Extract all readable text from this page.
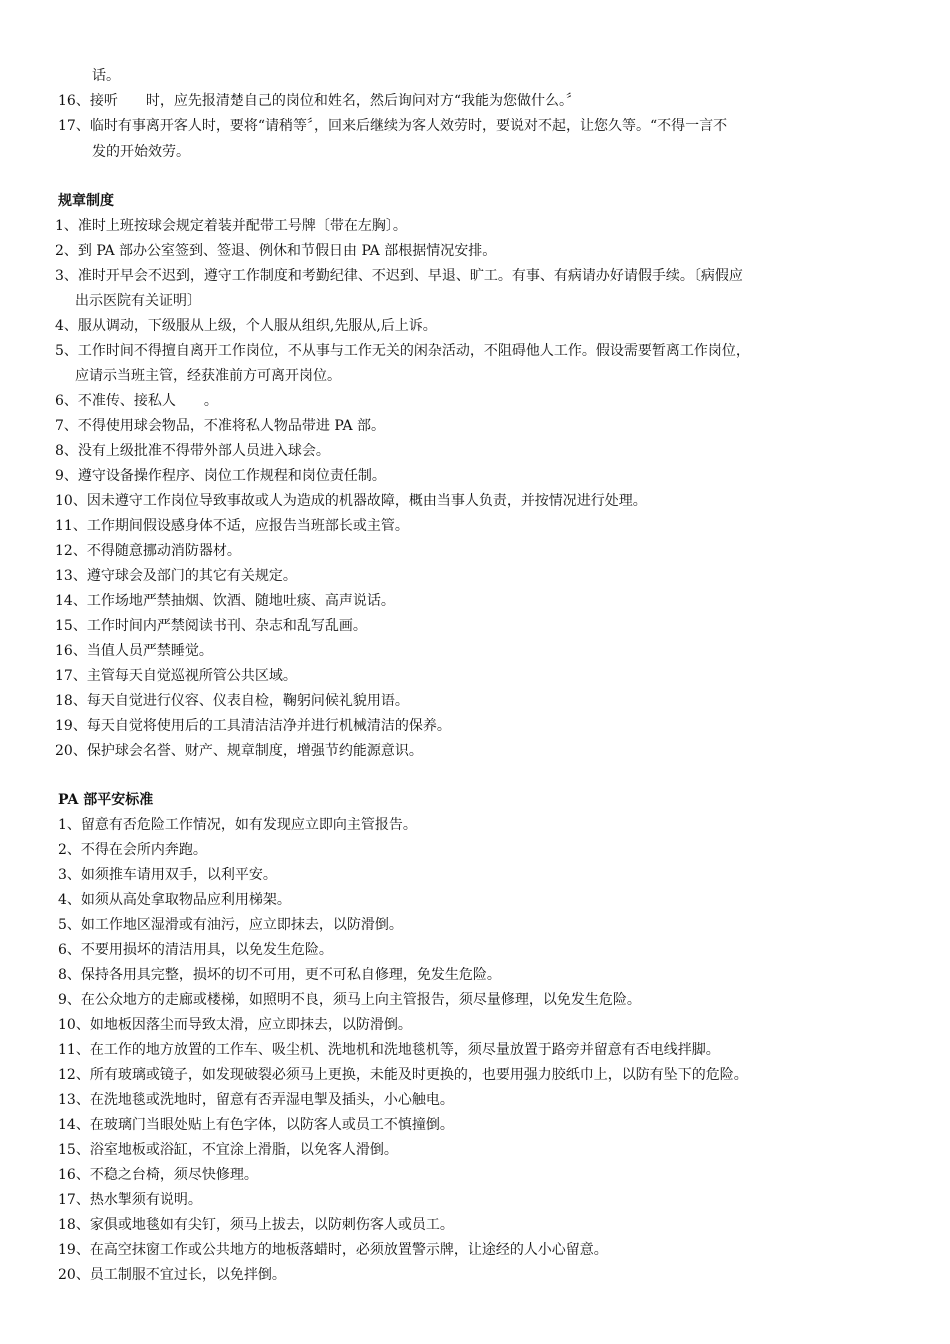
话。
16、接听　　时，应先报清楚自己的岗位和姓名，然后询问对方“我能为您做什么。〞
17、临时有事离开客人时，要将“请稍等〞，回来后继续为客人效劳时，要说对不起，让您久等。“不得一言不
发的开始效劳。
规章制度
1、准时上班按球会规定着装并配带工号牌〔带在左胸〕。
2、到 PA 部办公室签到、签退、例休和节假日由 PA 部根据情况安排。
3、准时开早会不迟到，遵守工作制度和考勤纪律、不迟到、早退、旷工。有事、有病请办好请假手续。〔病假应
出示医院有关证明〕
4、服从调动，下级服从上级，个人服从组织,先服从,后上诉。
5、工作时间不得擅自离开工作岗位，不从事与工作无关的闲杂活动，不阻碍他人工作。假设需要暂离工作岗位，
应请示当班主管，经获准前方可离开岗位。
6、不准传、接私人　　。
7、不得使用球会物品，不准将私人物品带进 PA 部。
8、没有上级批准不得带外部人员进入球会。
9、遵守设备操作程序、岗位工作规程和岗位责任制。
10、因未遵守工作岗位导致事故或人为造成的机器故障，概由当事人负责，并按情况进行处理。
11、工作期间假设感身体不适，应报告当班部长或主管。
12、不得随意挪动消防器材。
13、遵守球会及部门的其它有关规定。
14、工作场地严禁抽烟、饮酒、随地吐痰、高声说话。
15、工作时间内严禁阅读书刊、杂志和乱写乱画。
16、当值人员严禁睡觉。
17、主管每天自觉巡视所管公共区域。
18、每天自觉进行仪容、仪表自检，鞠躬问候礼貌用语。
19、每天自觉将使用后的工具清洁洁净并进行机械清洁的保养。
20、保护球会名誉、财产、规章制度，增强节约能源意识。
PA 部平安标准
1、留意有否危险工作情况，如有发现应立即向主管报告。
2、不得在会所内奔跑。
3、如须推车请用双手，以利平安。
4、如须从高处拿取物品应利用梯架。
5、如工作地区湿滑或有油污，应立即抹去，以防滑倒。
6、不要用损坏的清洁用具，以免发生危险。
8、保持各用具完整，损坏的切不可用，更不可私自修理，免发生危险。
9、在公众地方的走廊或楼梯，如照明不良，须马上向主管报告，须尽量修理，以免发生危险。
10、如地板因落尘而导致太滑，应立即抹去，以防滑倒。
11、在工作的地方放置的工作车、吸尘机、洗地机和洗地毯机等，须尽量放置于路旁并留意有否电线拌脚。
12、所有玻璃或镜子，如发现破裂必须马上更换，未能及时更换的，也要用强力胶纸巾上，以防有坠下的危险。
13、在洗地毯或洗地时，留意有否弄湿电掣及插头，小心触电。
14、在玻璃门当眼处贴上有色字体，以防客人或员工不慎撞倒。
15、浴室地板或浴缸，不宜涂上滑脂，以免客人滑倒。
16、不稳之台椅，须尽快修理。
17、热水掣须有说明。
18、家俱或地毯如有尖钉，须马上拔去，以防刺伤客人或员工。
19、在高空抹窗工作或公共地方的地板落蜡时，必须放置警示牌，让途经的人小心留意。
20、员工制服不宜过长，以免拌倒。
